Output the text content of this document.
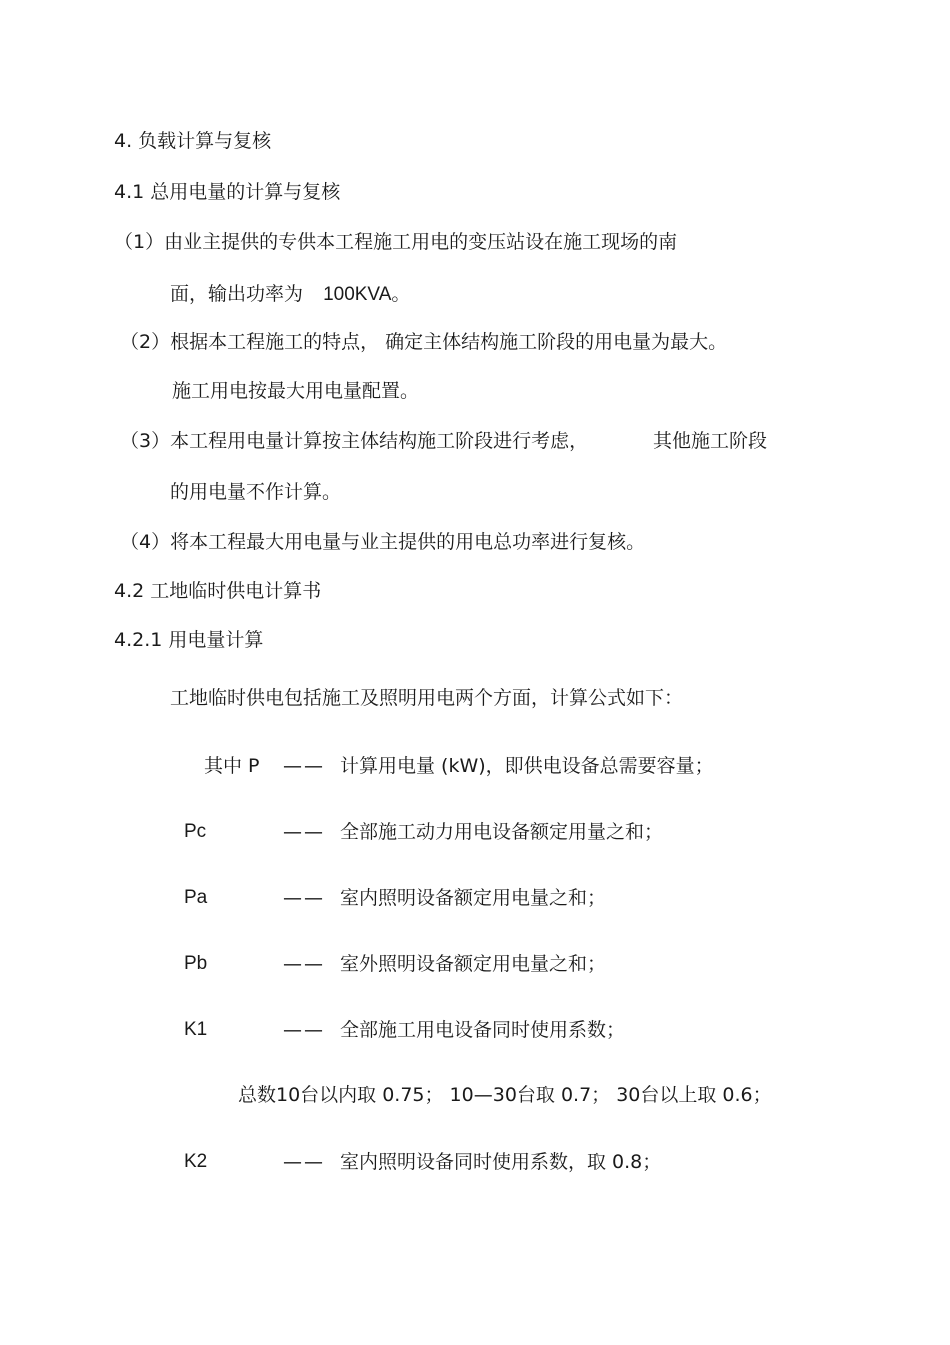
4. 负载计算与复核
4.1 总用电量的计算与复核
（1）由业主提供的专供本工程施工用电的变压站设在施工现场的南
面，输出功率为 100KVA。
（2）根据本工程施工的特点， 确定主体结构施工阶段的用电量为最大。
施工用电按最大用电量配置。
（3）本工程用电量计算按主体结构施工阶段进行考虑，	其他施工阶段
的用电量不作计算。
（4）将本工程最大用电量与业主提供的用电总功率进行复核。
4.2 工地临时供电计算书
4.2.1 用电量计算
工地临时供电包括施工及照明用电两个方面，计算公式如下：
其中 P —— 计算用电量 (kW)，即供电设备总需要容量；
Pc	—— 全部施工动力用电设备额定用量之和；
Pa	—— 室内照明设备额定用电量之和；
Pb	—— 室外照明设备额定用电量之和；
K1	—— 全部施工用电设备同时使用系数；
总数10台以内取 0.75； 10—30台取 0.7； 30台以上取 0.6；
K2	—— 室内照明设备同时使用系数，取 0.8；
